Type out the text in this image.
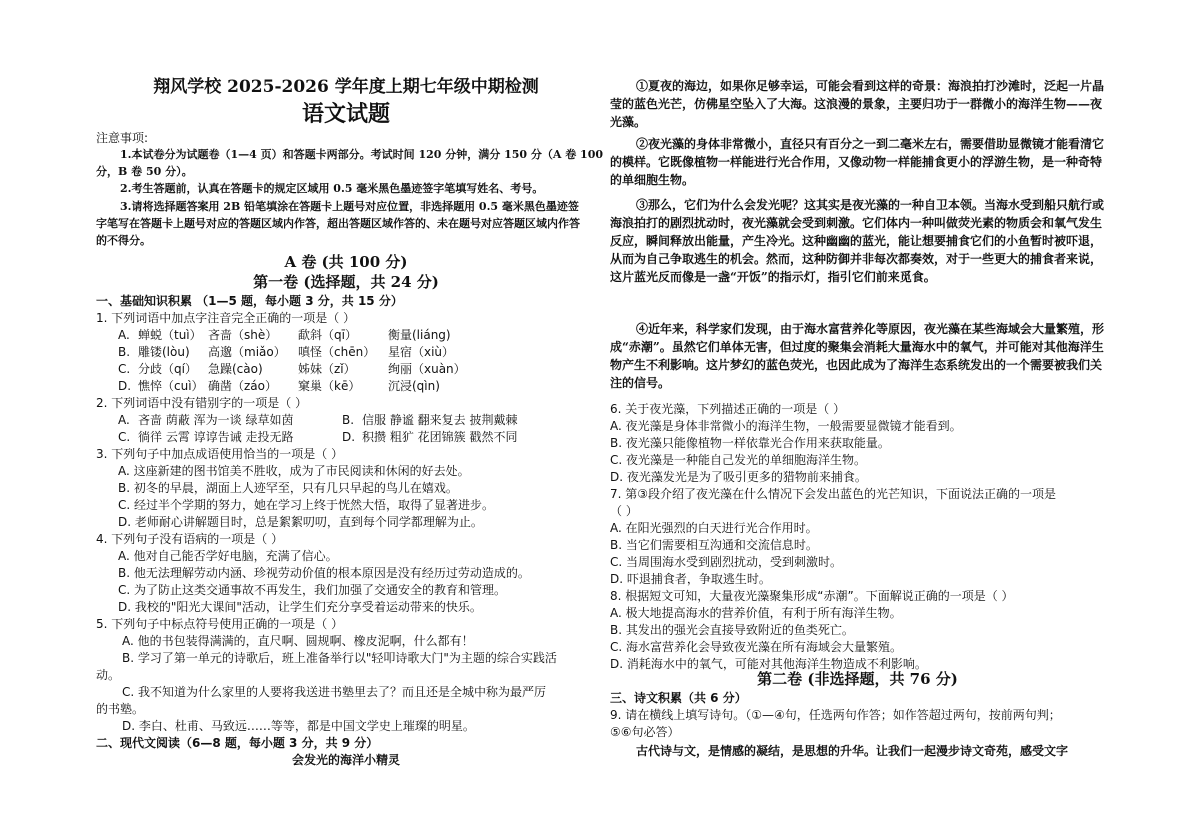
翔风学校 2025-2026 学年度上期七年级中期检测
语文试题
注意事项:
1.本试卷分为试题卷（1—4 页）和答题卡两部分。考试时间 120 分钟，满分 150 分（A 卷 100
分，B 卷 50 分）。
2.考生答题前，认真在答题卡的规定区域用 0.5 毫米黑色墨迹签字笔填写姓名、考号。
3.请将选择题答案用 2B 铅笔填涂在答题卡上题号对应位置，非选择题用 0.5 毫米黑色墨迹签
字笔写在答题卡上题号对应的答题区域内作答，超出答题区域作答的、未在题号对应答题区域内作答
的不得分。
A 卷 (共 100 分)
第一卷 (选择题，共 24 分)
一、基础知识积累 （1—5 题，每小题 3 分，共 15 分）
1. 下列词语中加点字注音完全正确的一项是（ ）
A. 蝉蜕（tuì） 吝啬（shè） 歃斜（qī）	衡量(liáng)
B. 雕镂(lòu) 高邈（miǎo） 嗔怪（chēn） 星宿（xiù）
C. 分歧（qí） 急躁(cào)	姊妹（zǐ）	绚丽（xuàn）
D. 憔悴（cuì） 确凿（záo） 窠巢（kē） 沉浸(qìn)
2. 下列词语中没有错别字的一项是（ ）
A. 吝啬 荫蔽 浑为一谈 绿草如茵	B. 信服 静谧 翻来复去 披荆戴棘
C. 徜徉 云霄 谆谆告诫 走投无路	D. 积攒 粗犷 花团锦簇 戳然不同
3. 下列句子中加点成语使用恰当的一项是（ ）
A. 这座新建的图书馆美不胜收，成为了市民阅读和休闲的好去处。
B. 初冬的早晨，湖面上人迹罕至，只有几只早起的鸟儿在嬉戏。
C. 经过半个学期的努力，她在学习上终于恍然大悟，取得了显著进步。
D. 老师耐心讲解题目时，总是絮絮叨叨，直到每个同学都理解为止。
4. 下列句子没有语病的一项是（ ）
A. 他对自己能否学好电脑，充满了信心。
B. 他无法理解劳动内涵、珍视劳动价值的根本原因是没有经历过劳动造成的。
C. 为了防止这类交通事故不再发生，我们加强了交通安全的教育和管理。
D. 我校的"阳光大课间"活动，让学生们充分享受着运动带来的快乐。
5. 下列句子中标点符号使用正确的一项是（ ）
A. 他的书包装得满满的，直尺啊、圆规啊、橡皮泥啊，什么都有！
B. 学习了第一单元的诗歌后，班上准备举行以"轻叩诗歌大门"为主题的综合实践活
动。
C. 我不知道为什么家里的人要将我送进书塾里去了？而且还是全城中称为最严厉
的书塾。
D. 李白、杜甫、马致远……等等，都是中国文学史上璀璨的明星。
二、现代文阅读（6—8 题，每小题 3 分，共 9 分）
会发光的海洋小精灵
①夏夜的海边，如果你足够幸运，可能会看到这样的奇景：海浪拍打沙滩时，泛起一片晶莹的蓝色光芒，仿佛星空坠入了大海。这浪漫的景象，主要归功于一群微小的海洋生物——夜光藻。
②夜光藻的身体非常微小，直径只有百分之一到二毫米左右，需要借助显微镜才能看清它的模样。它既像植物一样能进行光合作用，又像动物一样能捕食更小的浮游生物，是一种奇特的单细胞生物。
③那么，它们为什么会发光呢？这其实是夜光藻的一种自卫本领。当海水受到船只航行或海浪拍打的剧烈扰动时，夜光藻就会受到刺激。它们体内一种叫做荧光素的物质会和氧气发生反应，瞬间释放出能量，产生冷光。这种幽幽的蓝光，能让想要捕食它们的小鱼暂时被吓退，从而为自己争取逃生的机会。然而，这种防御并非每次都奏效，对于一些更大的捕食者来说，这片蓝光反而像是一盏“开饭”的指示灯，指引它们前来觅食。
④近年来，科学家们发现，由于海水富营养化等原因，夜光藻在某些海域会大量繁殖，形成“赤潮”。虽然它们单体无害，但过度的聚集会消耗大量海水中的氧气，并可能对其他海洋生物产生不利影响。这片梦幻的蓝色荧光，也因此成为了海洋生态系统发出的一个需要被我们关注的信号。
6. 关于夜光藻，下列描述正确的一项是（ ）
A. 夜光藻是身体非常微小的海洋生物，一般需要显微镜才能看到。
B. 夜光藻只能像植物一样依靠光合作用来获取能量。
C. 夜光藻是一种能自己发光的单细胞海洋生物。
D. 夜光藻发光是为了吸引更多的猎物前来捕食。
7. 第③段介绍了夜光藻在什么情况下会发出蓝色的光芒知识，下面说法正确的一项是
（ ）
A. 在阳光强烈的白天进行光合作用时。
B. 当它们需要相互沟通和交流信息时。
C. 当周围海水受到剧烈扰动，受到刺激时。
D. 吓退捕食者，争取逃生时。
8. 根据短文可知，大量夜光藻聚集形成“赤潮”。下面解说正确的一项是（ ）
A. 极大地提高海水的营养价值，有利于所有海洋生物。
B. 其发出的强光会直接导致附近的鱼类死亡。
C. 海水富营养化会导致夜光藻在所有海域会大量繁殖。
D. 消耗海水中的氧气，可能对其他海洋生物造成不利影响。
第二卷 (非选择题，共 76 分)
三、诗文积累（共 6 分）
9. 请在横线上填写诗句。（①—④句，任选两句作答；如作答超过两句，按前两句判；
⑤⑥句必答）
古代诗与文，是情感的凝结，是思想的升华。让我们一起漫步诗文奇苑，感受文字
